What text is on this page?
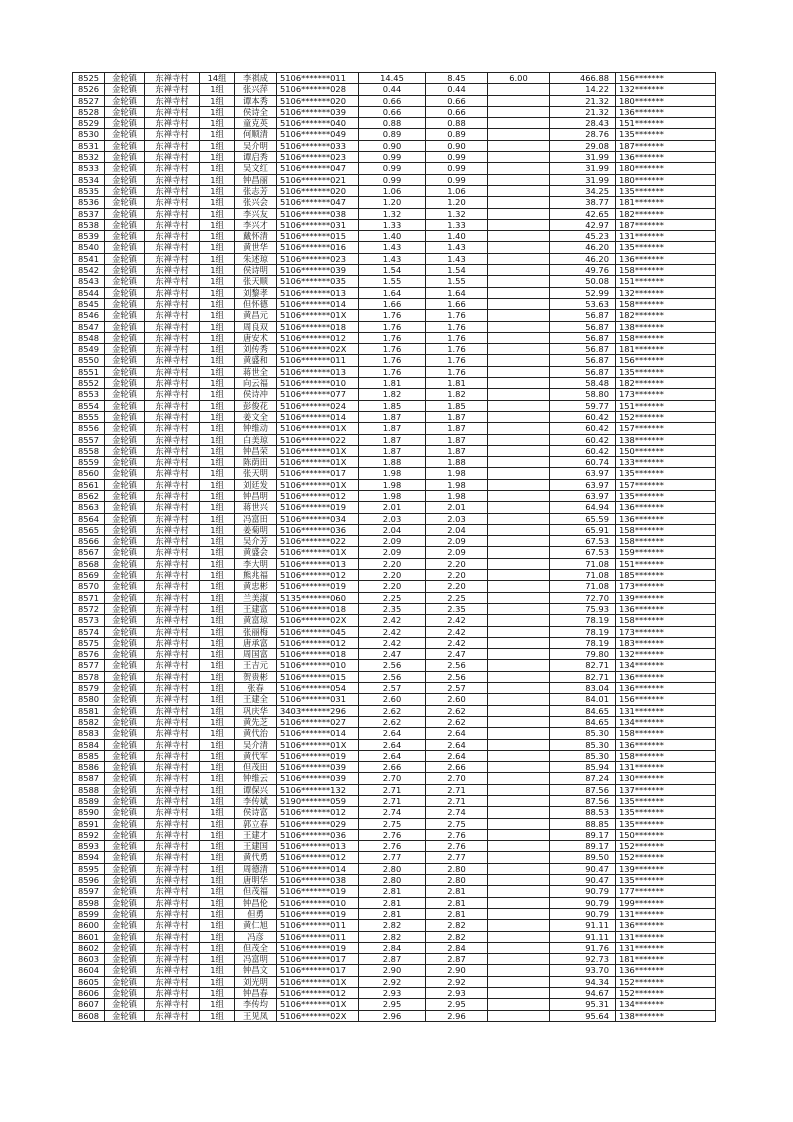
8525	金轮镇	东禅寺村	14组	李祺成	5106*******011	14.45	8.45	6.00	466.88	156*******
8526	金轮镇	东禅寺村	1组	张兴萍	5106*******028	0.44	0.44		14.22	132*******
8527	金轮镇	东禅寺村	1组	谭本秀	5106*******020	0.66	0.66		21.32	180*******
8528	金轮镇	东禅寺村	1组	侯诗全	5106*******039	0.66	0.66		21.32	136*******
8529	金轮镇	东禅寺村	1组	童克英	5106*******040	0.88	0.88		28.43	151*******
8530	金轮镇	东禅寺村	1组	何顺清	5106*******049	0.89	0.89		28.76	135*******
8531	金轮镇	东禅寺村	1组	吴介明	5106*******033	0.90	0.90		29.08	187*******
8532	金轮镇	东禅寺村	1组	谭启秀	5106*******023	0.99	0.99		31.99	136*******
8533	金轮镇	东禅寺村	1组	吴文红	5106*******047	0.99	0.99		31.99	180*******
8534	金轮镇	东禅寺村	1组	钟昌丽	5106*******021	0.99	0.99		31.99	180*******
8535	金轮镇	东禅寺村	1组	张志芳	5106*******020	1.06	1.06		34.25	135*******
8536	金轮镇	东禅寺村	1组	张兴会	5106*******047	1.20	1.20		38.77	181*******
8537	金轮镇	东禅寺村	1组	李兴友	5106*******038	1.32	1.32		42.65	182*******
8538	金轮镇	东禅寺村	1组	李兴才	5106*******031	1.33	1.33		42.97	187*******
8539	金轮镇	东禅寺村	1组	戴怀清	5106*******015	1.40	1.40		45.23	131*******
8540	金轮镇	东禅寺村	1组	黄世华	5106*******016	1.43	1.43		46.20	135*******
8541	金轮镇	东禅寺村	1组	朱述琼	5106*******023	1.43	1.43		46.20	136*******
8542	金轮镇	东禅寺村	1组	侯诗明	5106*******039	1.54	1.54		49.76	158*******
8543	金轮镇	东禅寺村	1组	张天顺	5106*******035	1.55	1.55		50.08	151*******
8544	金轮镇	东禅寺村	1组	刘黎孝	5106*******013	1.64	1.64		52.99	132*******
8545	金轮镇	东禅寺村	1组	但怀德	5106*******014	1.66	1.66		53.63	158*******
8546	金轮镇	东禅寺村	1组	黄昌元	5106*******01X	1.76	1.76		56.87	182*******
8547	金轮镇	东禅寺村	1组	周良双	5106*******018	1.76	1.76		56.87	138*******
8548	金轮镇	东禅寺村	1组	唐安术	5106*******012	1.76	1.76		56.87	158*******
8549	金轮镇	东禅寺村	1组	刘传秀	5106*******02X	1.76	1.76		56.87	181*******
8550	金轮镇	东禅寺村	1组	黄盛和	5106*******011	1.76	1.76		56.87	156*******
8551	金轮镇	东禅寺村	1组	蒋世全	5106*******013	1.76	1.76		56.87	135*******
8552	金轮镇	东禅寺村	1组	向云福	5106*******010	1.81	1.81		58.48	182*******
8553	金轮镇	东禅寺村	1组	侯诗冲	5106*******077	1.82	1.82		58.80	173*******
8554	金轮镇	东禅寺村	1组	彭俊花	5106*******024	1.85	1.85		59.77	151*******
8555	金轮镇	东禅寺村	1组	姜文全	5106*******014	1.87	1.87		60.42	152*******
8556	金轮镇	东禅寺村	1组	钟维动	5106*******01X	1.87	1.87		60.42	157*******
8557	金轮镇	东禅寺村	1组	白美琼	5106*******022	1.87	1.87		60.42	138*******
8558	金轮镇	东禅寺村	1组	钟昌荣	5106*******01X	1.87	1.87		60.42	150*******
8559	金轮镇	东禅寺村	1组	陈荫田	5106*******01X	1.88	1.88		60.74	133*******
8560	金轮镇	东禅寺村	1组	张天明	5106*******017	1.98	1.98		63.97	135*******
8561	金轮镇	东禅寺村	1组	刘廷发	5106*******01X	1.98	1.98		63.97	157*******
8562	金轮镇	东禅寺村	1组	钟昌明	5106*******012	1.98	1.98		63.97	135*******
8563	金轮镇	东禅寺村	1组	蒋世兴	5106*******019	2.01	2.01		64.94	136*******
8564	金轮镇	东禅寺村	1组	冯富田	5106*******034	2.03	2.03		65.59	136*******
8565	金轮镇	东禅寺村	1组	姜菊明	5106*******036	2.04	2.04		65.91	158*******
8566	金轮镇	东禅寺村	1组	吴介芳	5106*******022	2.09	2.09		67.53	158*******
8567	金轮镇	东禅寺村	1组	黄盛会	5106*******01X	2.09	2.09		67.53	159*******
8568	金轮镇	东禅寺村	1组	李大明	5106*******013	2.20	2.20		71.08	151*******
8569	金轮镇	东禅寺村	1组	熊兆福	5106*******012	2.20	2.20		71.08	185*******
8570	金轮镇	东禅寺村	1组	黄忠彬	5106*******019	2.20	2.20		71.08	173*******
8571	金轮镇	东禅寺村	1组	兰美淑	5135*******060	2.25	2.25		72.70	139*******
8572	金轮镇	东禅寺村	1组	王建富	5106*******018	2.35	2.35		75.93	136*******
8573	金轮镇	东禅寺村	1组	黄富琼	5106*******02X	2.42	2.42		78.19	158*******
8574	金轮镇	东禅寺村	1组	张丽梅	5106*******045	2.42	2.42		78.19	173*******
8575	金轮镇	东禅寺村	1组	唐承富	5106*******012	2.42	2.42		78.19	183*******
8576	金轮镇	东禅寺村	1组	周国富	5106*******018	2.47	2.47		79.80	132*******
8577	金轮镇	东禅寺村	1组	王吉元	5106*******010	2.56	2.56		82.71	134*******
8578	金轮镇	东禅寺村	1组	贺贵彬	5106*******015	2.56	2.56		82.71	136*******
8579	金轮镇	东禅寺村	1组	张春	5106*******054	2.57	2.57		83.04	136*******
8580	金轮镇	东禅寺村	1组	王建全	5106*******031	2.60	2.60		84.01	156*******
8581	金轮镇	东禅寺村	1组	巩庆华	3403*******296	2.62	2.62		84.65	131*******
8582	金轮镇	东禅寺村	1组	黄先芝	5106*******027	2.62	2.62		84.65	134*******
8583	金轮镇	东禅寺村	1组	黄代治	5106*******014	2.64	2.64		85.30	158*******
8584	金轮镇	东禅寺村	1组	吴介清	5106*******01X	2.64	2.64		85.30	136*******
8585	金轮镇	东禅寺村	1组	黄代军	5106*******019	2.64	2.64		85.30	158*******
8586	金轮镇	东禅寺村	1组	但茂田	5106*******039	2.66	2.66		85.94	131*******
8587	金轮镇	东禅寺村	1组	钟维云	5106*******039	2.70	2.70		87.24	130*******
8588	金轮镇	东禅寺村	1组	谭保兴	5106*******132	2.71	2.71		87.56	137*******
8589	金轮镇	东禅寺村	1组	李传斌	5190*******059	2.71	2.71		87.56	135*******
8590	金轮镇	东禅寺村	1组	侯诗富	5106*******012	2.74	2.74		88.53	135*******
8591	金轮镇	东禅寺村	1组	郭立春	5106*******029	2.75	2.75		88.85	135*******
8592	金轮镇	东禅寺村	1组	王建才	5106*******036	2.76	2.76		89.17	150*******
8593	金轮镇	东禅寺村	1组	王建国	5106*******013	2.76	2.76		89.17	152*******
8594	金轮镇	东禅寺村	1组	黄代勇	5106*******012	2.77	2.77		89.50	152*******
8595	金轮镇	东禅寺村	1组	周德清	5106*******014	2.80	2.80		90.47	139*******
8596	金轮镇	东禅寺村	1组	唐明华	5106*******038	2.80	2.80		90.47	135*******
8597	金轮镇	东禅寺村	1组	但茂福	5106*******019	2.81	2.81		90.79	177*******
8598	金轮镇	东禅寺村	1组	钟昌伦	5106*******010	2.81	2.81		90.79	199*******
8599	金轮镇	东禅寺村	1组	但勇	5106*******019	2.81	2.81		90.79	131*******
8600	金轮镇	东禅寺村	1组	黄仁旭	5106*******011	2.82	2.82		91.11	136*******
8601	金轮镇	东禅寺村	1组	冯彦	5106*******011	2.82	2.82		91.11	131*******
8602	金轮镇	东禅寺村	1组	但茂全	5106*******019	2.84	2.84		91.76	131*******
8603	金轮镇	东禅寺村	1组	冯富明	5106*******017	2.87	2.87		92.73	181*******
8604	金轮镇	东禅寺村	1组	钟昌文	5106*******017	2.90	2.90		93.70	136*******
8605	金轮镇	东禅寺村	1组	刘光明	5106*******01X	2.92	2.92		94.34	152*******
8606	金轮镇	东禅寺村	1组	钟昌春	5106*******012	2.93	2.93		94.67	152*******
8607	金轮镇	东禅寺村	1组	李传均	5106*******01X	2.95	2.95		95.31	134*******
8608	金轮镇	东禅寺村	1组	王见凤	5106*******02X	2.96	2.96		95.64	138*******
